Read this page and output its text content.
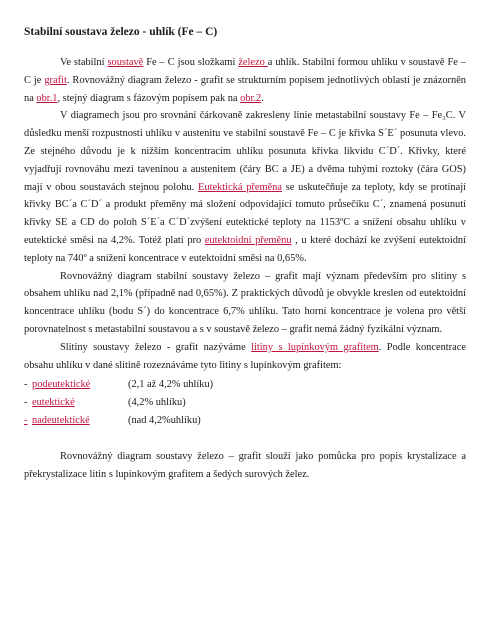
Stabilní soustava železo - uhlík (Fe – C)

Ve stabilní soustavě Fe – C jsou složkami železo a uhlík. Stabilní formou uhlíku v soustavě Fe – C je grafit. Rovnovážný diagram železo - grafit se strukturním popisem jednotlivých oblastí je znázorněn na obr.1, stejný diagram s fázovým popisem pak na obr.2.

V diagramech jsou pro srovnání čárkovaně zakresleny linie metastabilní soustavy Fe – Fe₃C. V důsledku menší rozpustnosti uhlíku v austenitu ve stabilní soustavě Fe – C je křivka S´E´ posunuta vlevo. Ze stejného důvodu je k nižším koncentracím uhlíku posunuta křivka likvidu C´D´. Křivky, které vyjadřují rovnováhu mezi taveninou a austenitem (čáry BC a JE) a dvěma tuhými roztoky (čára GOS) mají v obou soustavách stejnou polohu. Eutektická přeměna se uskutečňuje za teploty, kdy se protínají křivky BC´a C´D´ a produkt přeměny má složení odpovídající tomuto průsečíku C´, znamená posunutí křivky SE a CD do poloh S´E´a C´D´zvýšení eutektické teploty na 1153ºC a snížení obsahu uhlíku v eutektické směsi na 4,2%. Totéž platí pro eutektoidní přeměnu , u které dochází ke zvýšení eutektoidní teploty na 740º a snížení koncentrace v eutektoidní směsi na 0,65%.

Rovnovážný diagram stabilní soustavy železo – grafit mají význam především pro slitiny s obsahem uhlíku nad 2,1% (případně nad 0,65%). Z praktických důvodů je obvykle kreslen od eutektoidní koncentrace uhlíku (bodu S´) do koncentrace 6,7% uhlíku. Tato horní koncentrace je volena pro větší porovnatelnost s metastabilní soustavou a s v soustavě železo – grafit nemá žádný fyzikální význam.

Slitiny soustavy železo - grafit nazýváme litiny s lupínkovým grafitem. Podle koncentrace obsahu uhlíku v dané slitině rozeznáváme tyto litiny s lupínkovým grafitem:

- podeutektické	(2,1 až 4,2% uhlíku)
- eutektické	(4,2% uhlíku)
- nadeutektické	(nad 4,2%uhlíku)

Rovnovážný diagram soustavy železo – grafit slouží jako pomůcka pro popis krystalizace a překrystalizace litin s lupínkovým grafitem a šedých surových želez.
